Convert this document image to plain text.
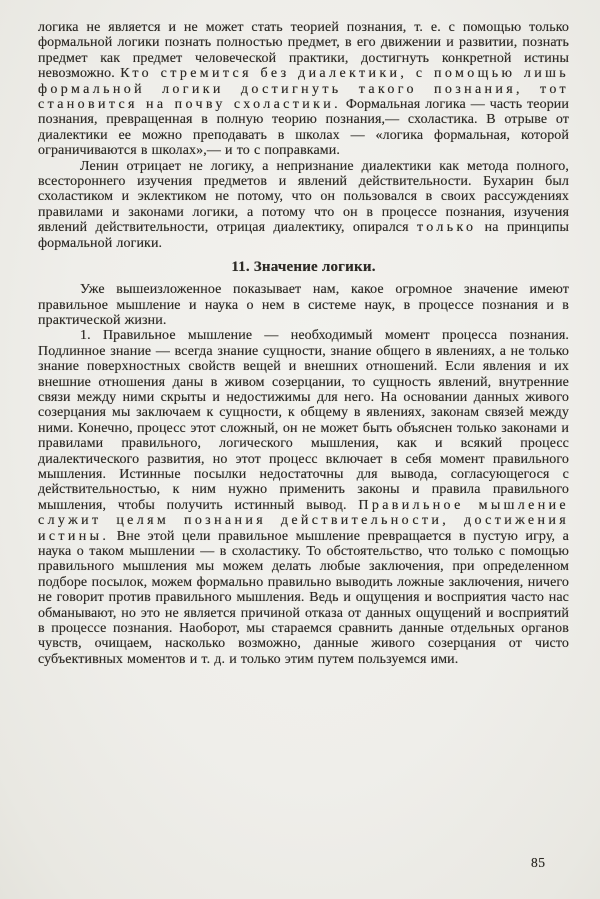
логика не является и не может стать теорией познания, т. е. с помощью только формальной логики познать полностью предмет, в его движении и развитии, познать предмет как предмет человеческой практики, достигнуть конкретной истины невозможно. Кто стремится без диалектики, с помощью лишь формальной логики достигнуть такого познания, тот становится на почву схоластики. Формальная логика — часть теории познания, превращенная в полную теорию познания,— схоластика. В отрыве от диалектики ее можно преподавать в школах — «логика формальная, которой ограничиваются в школах»,— и то с поправками.

Ленин отрицает не логику, а непризнание диалектики как метода полного, всестороннего изучения предметов и явлений действительности. Бухарин был схоластиком и эклектиком не потому, что он пользовался в своих рассуждениях правилами и законами логики, а потому что он в процессе познания, изучения явлений действительности, отрицая диалектику, опирался только на принципы формальной логики.

11. Значение логики.

Уже вышеизложенное показывает нам, какое огромное значение имеют правильное мышление и наука о нем в системе наук, в процессе познания и в практической жизни.

1. Правильное мышление — необходимый момент процесса познания. Подлинное знание — всегда знание сущности, знание общего в явлениях, а не только знание поверхностных свойств вещей и внешних отношений. Если явления и их внешние отношения даны в живом созерцании, то сущность явлений, внутренние связи между ними скрыты и недостижимы для него. На основании данных живого созерцания мы заключаем к сущности, к общему в явлениях, законам связей между ними. Конечно, процесс этот сложный, он не может быть объяснен только законами и правилами правильного, логического мышления, как и всякий процесс диалектического развития, но этот процесс включает в себя момент правильного мышления. Истинные посылки недостаточны для вывода, согласующегося с действительностью, к ним нужно применить законы и правила правильного мышления, чтобы получить истинный вывод. Правильное мышление служит целям познания действительности, достижения истины. Вне этой цели правильное мышление превращается в пустую игру, а наука о таком мышлении — в схоластику. То обстоятельство, что только с помощью правильного мышления мы можем делать любые заключения, при определенном подборе посылок, можем формально правильно выводить ложные заключения, ничего не говорит против правильного мышления. Ведь и ощущения и восприятия часто нас обманывают, но это не является причиной отказа от данных ощущений и восприятий в процессе познания. Наоборот, мы стараемся сравнить данные отдельных органов чувств, очищаем, насколько возможно, данные живого созерцания от чисто субъективных моментов и т. д. и только этим путем пользуемся ими.

85
